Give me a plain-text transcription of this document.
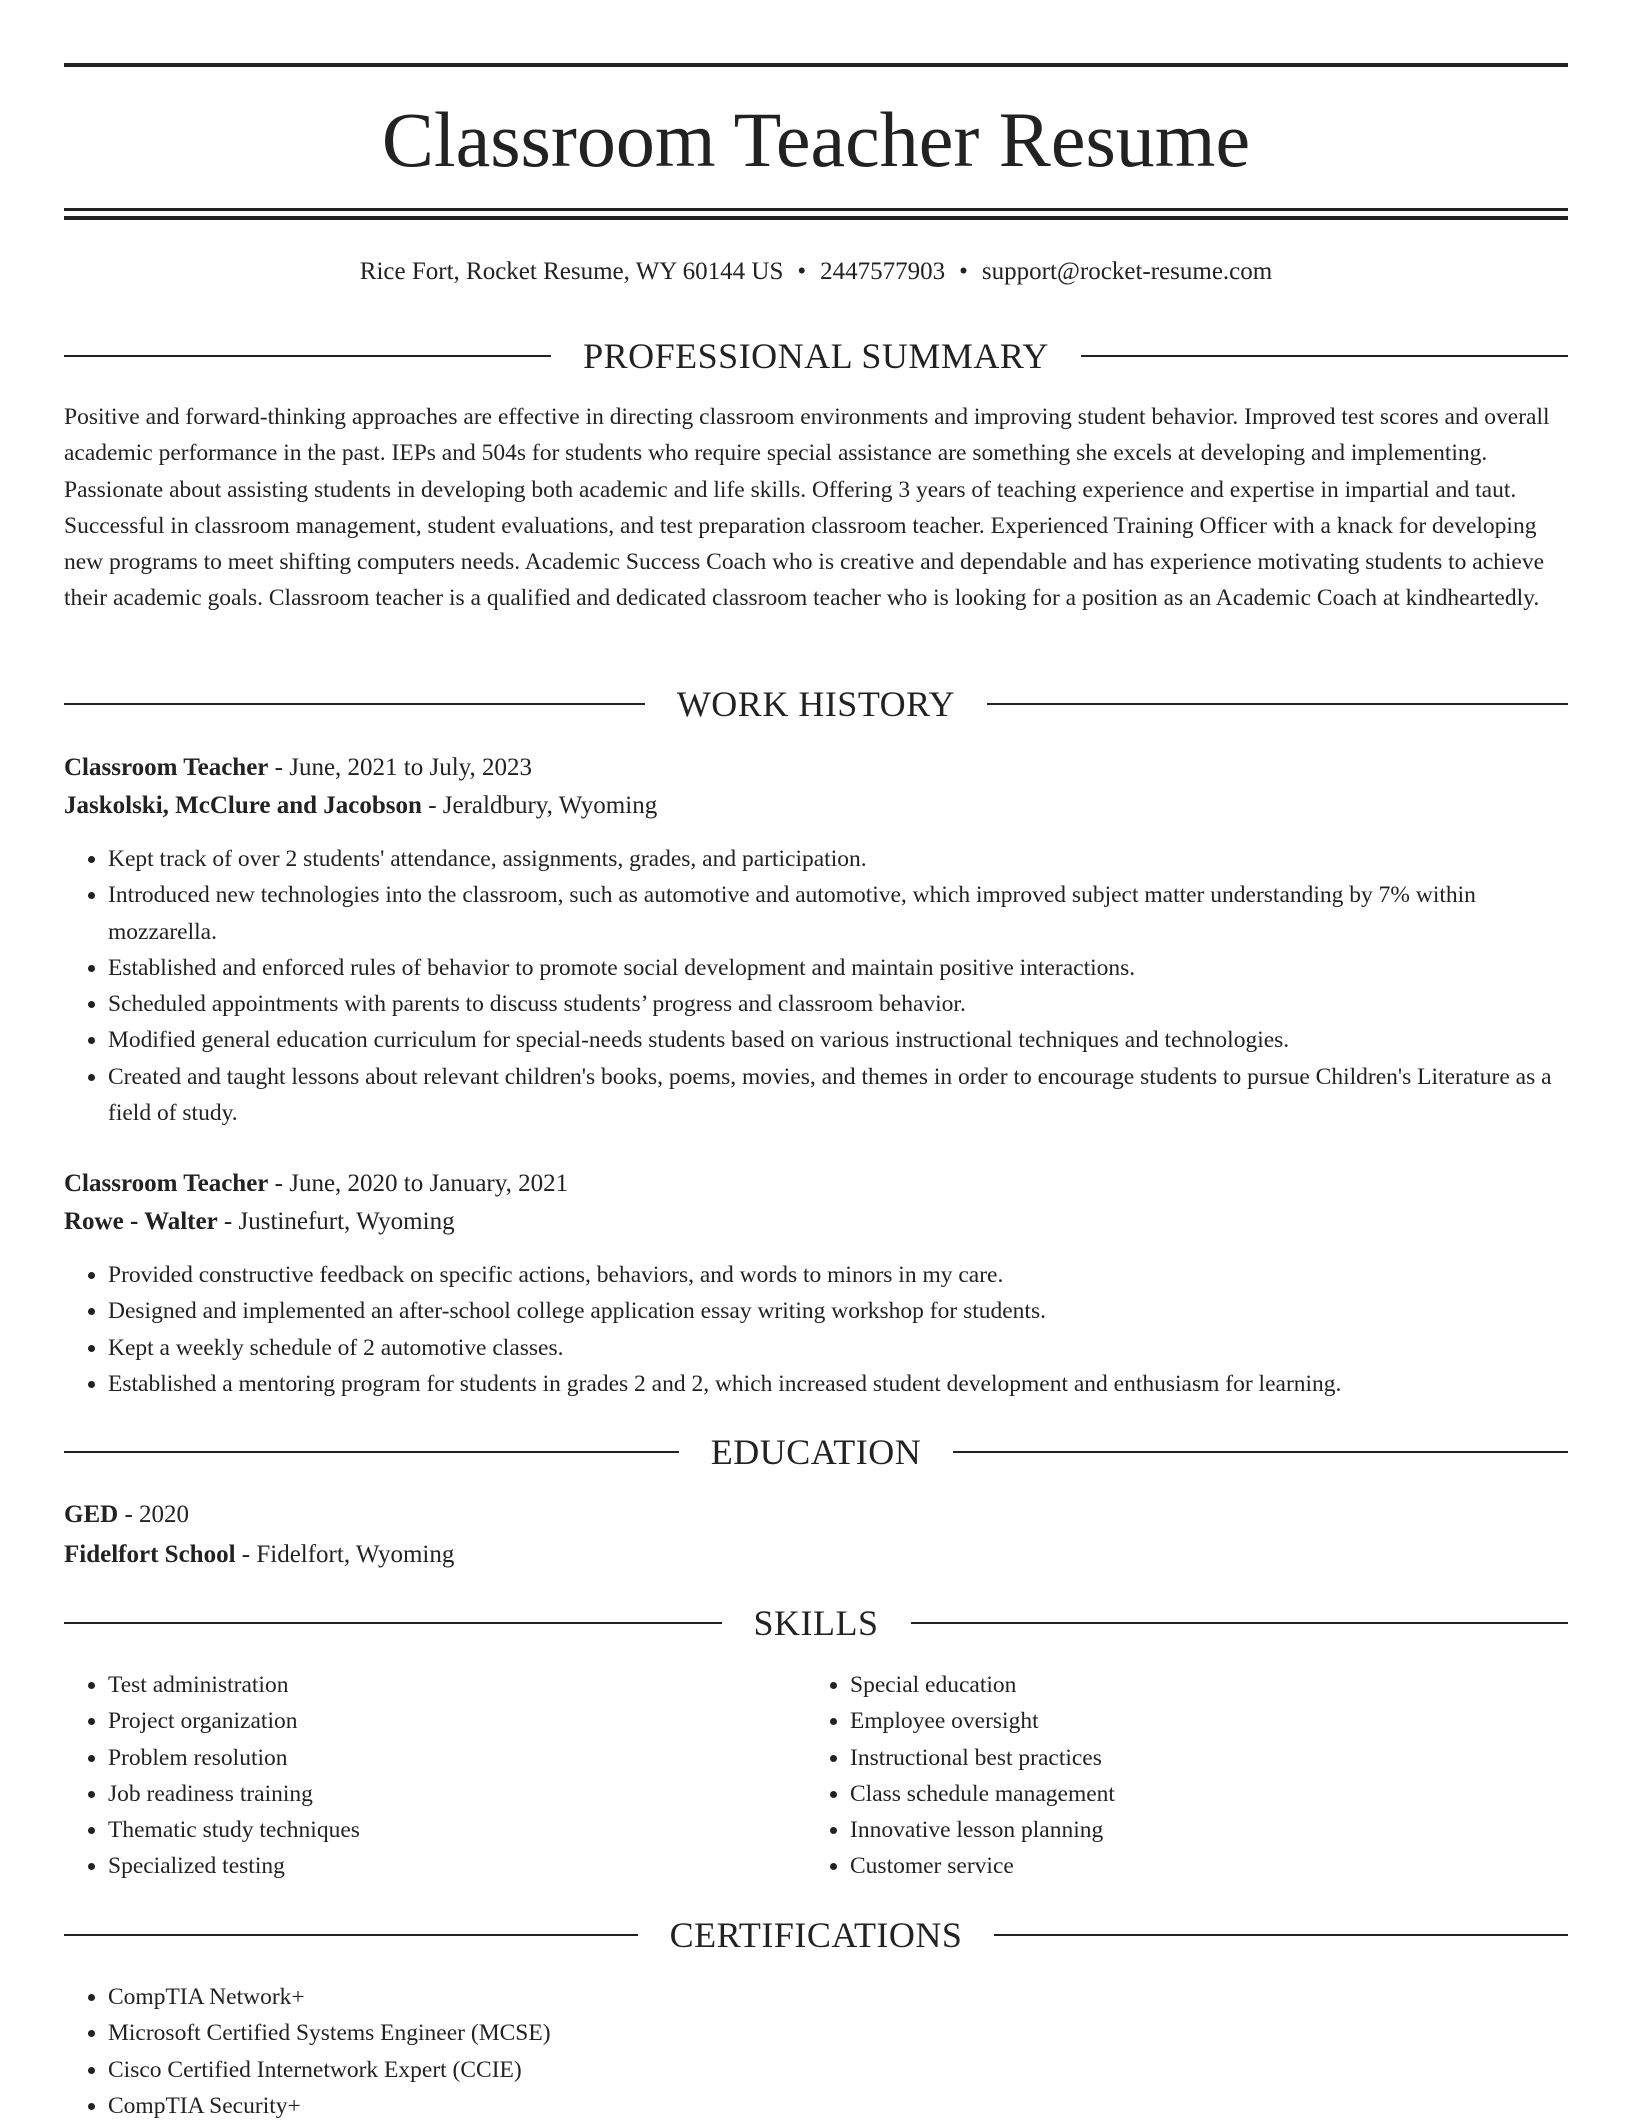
Classroom Teacher Resume
Rice Fort, Rocket Resume, WY 60144 US • 2447577903 • support@rocket-resume.com
PROFESSIONAL SUMMARY

Positive and forward-thinking approaches are effective in directing classroom environments and improving student behavior. Improved test scores and overall academic performance in the past. IEPs and 504s for students who require special assistance are something she excels at developing and implementing. Passionate about assisting students in developing both academic and life skills. Offering 3 years of teaching experience and expertise in impartial and taut. Successful in classroom management, student evaluations, and test preparation classroom teacher. Experienced Training Officer with a knack for developing new programs to meet shifting computers needs. Academic Success Coach who is creative and dependable and has experience motivating students to achieve their academic goals. Classroom teacher is a qualified and dedicated classroom teacher who is looking for a position as an Academic Coach at kindheartedly.

WORK HISTORY
Classroom Teacher - June, 2021 to July, 2023
Jaskolski, McClure and Jacobson - Jeraldbury, Wyoming
• Kept track of over 2 students' attendance, assignments, grades, and participation.
• Introduced new technologies into the classroom, such as automotive and automotive, which improved subject matter understanding by 7% within mozzarella.
• Established and enforced rules of behavior to promote social development and maintain positive interactions.
• Scheduled appointments with parents to discuss students’ progress and classroom behavior.
• Modified general education curriculum for special-needs students based on various instructional techniques and technologies.
• Created and taught lessons about relevant children's books, poems, movies, and themes in order to encourage students to pursue Children's Literature as a field of study.
Classroom Teacher - June, 2020 to January, 2021
Rowe - Walter - Justinefurt, Wyoming
• Provided constructive feedback on specific actions, behaviors, and words to minors in my care.
• Designed and implemented an after-school college application essay writing workshop for students.
• Kept a weekly schedule of 2 automotive classes.
• Established a mentoring program for students in grades 2 and 2, which increased student development and enthusiasm for learning.
EDUCATION
GED - 2020
Fidelfort School - Fidelfort, Wyoming
SKILLS
• Test administration
• Project organization
• Problem resolution
• Job readiness training
• Thematic study techniques
• Specialized testing
• Special education
• Employee oversight
• Instructional best practices
• Class schedule management
• Innovative lesson planning
• Customer service
CERTIFICATIONS
• CompTIA Network+
• Microsoft Certified Systems Engineer (MCSE)
• Cisco Certified Internetwork Expert (CCIE)
• CompTIA Security+
